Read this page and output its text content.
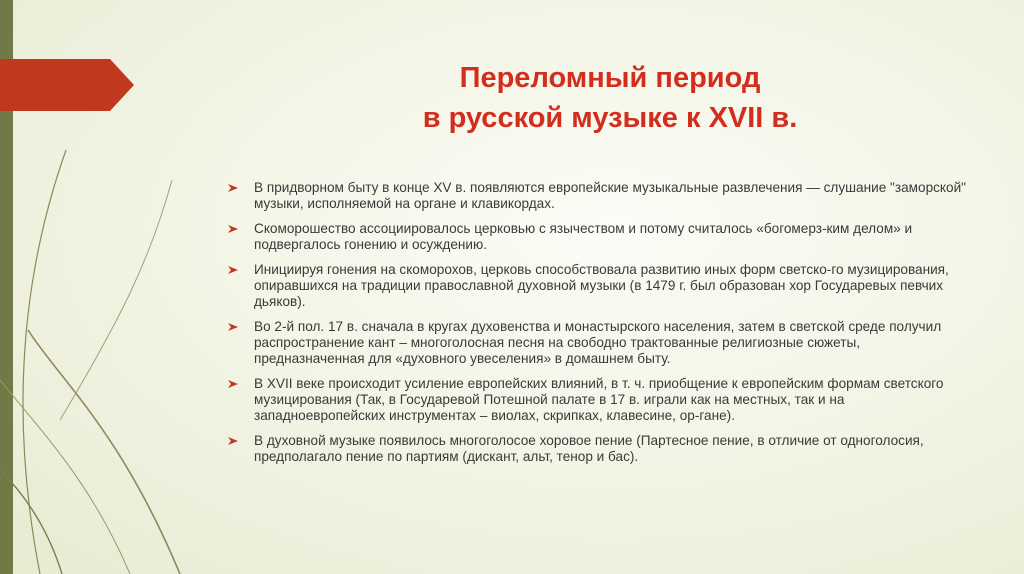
Переломный период
в русской музыке к XVII в.
В придворном быту в конце XV в. появляются европейские музыкальные развлечения — слушание "заморской" музыки, исполняемой на органе и клавикордах.
Скоморошество ассоциировалось церковью с язычеством и потому считалось «богомерз-ким делом» и подвергалось гонению и осуждению.
Инициируя гонения на скоморохов, церковь способствовала развитию иных форм светско-го музицирования, опиравшихся на традиции православной духовной музыки (в 1479 г. был образован хор Государевых певчих дьяков).
Во 2-й пол. 17 в. сначала в кругах духовенства и монастырского населения, затем в светской среде получил распространение кант – многоголосная песня на свободно трактованные религиозные сюжеты, предназначенная для «духовного увеселения» в домашнем быту.
В XVII веке происходит усиление европейских влияний, в т. ч. приобщение к европейским формам светского музицирования (Так, в Государевой Потешной палате в 17 в. играли как на местных, так и на западноевропейских инструментах – виолах, скрипках, клавесине, ор-гане).
В духовной музыке появилось многоголосое хоровое пение (Партесное пение, в отличие от одноголосия, предполагало пение по партиям (дискант, альт, тенор и бас).
